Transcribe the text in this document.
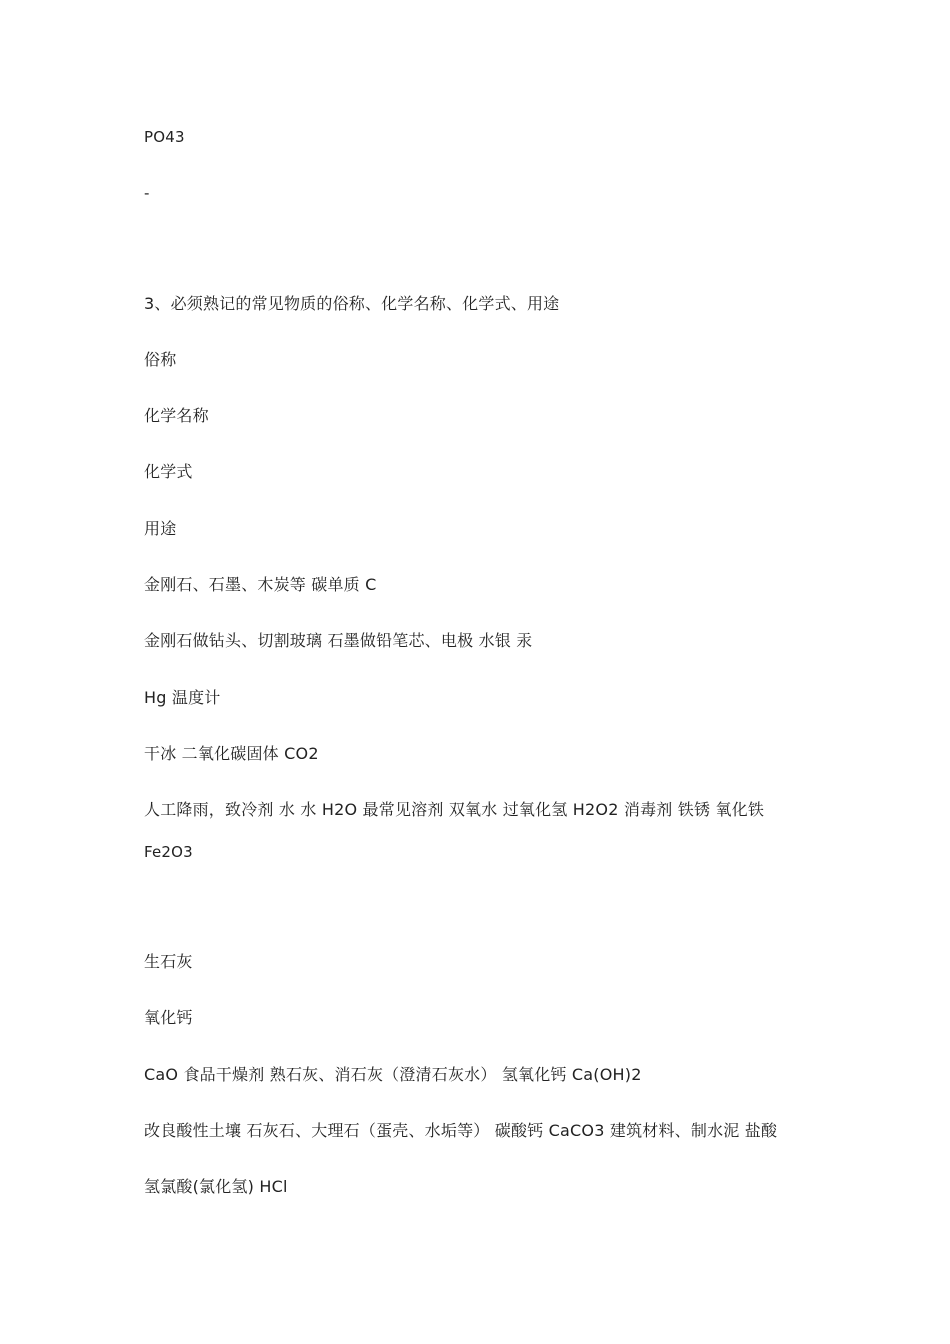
PO43
-
3、必须熟记的常见物质的俗称、化学名称、化学式、用途
俗称
化学名称
化学式
用途
金刚石、石墨、木炭等 碳单质 C
金刚石做钻头、切割玻璃 石墨做铅笔芯、电极 水银 汞
Hg 温度计
干冰 二氧化碳固体 CO2
人工降雨，致冷剂 水 水 H2O 最常见溶剂 双氧水 过氧化氢 H2O2 消毒剂 铁锈 氧化铁
Fe2O3
生石灰
氧化钙
CaO 食品干燥剂 熟石灰、消石灰（澄清石灰水） 氢氧化钙 Ca(OH)2
改良酸性土壤 石灰石、大理石（蛋壳、水垢等） 碳酸钙 CaCO3 建筑材料、制水泥 盐酸
氢氯酸(氯化氢) HCl
